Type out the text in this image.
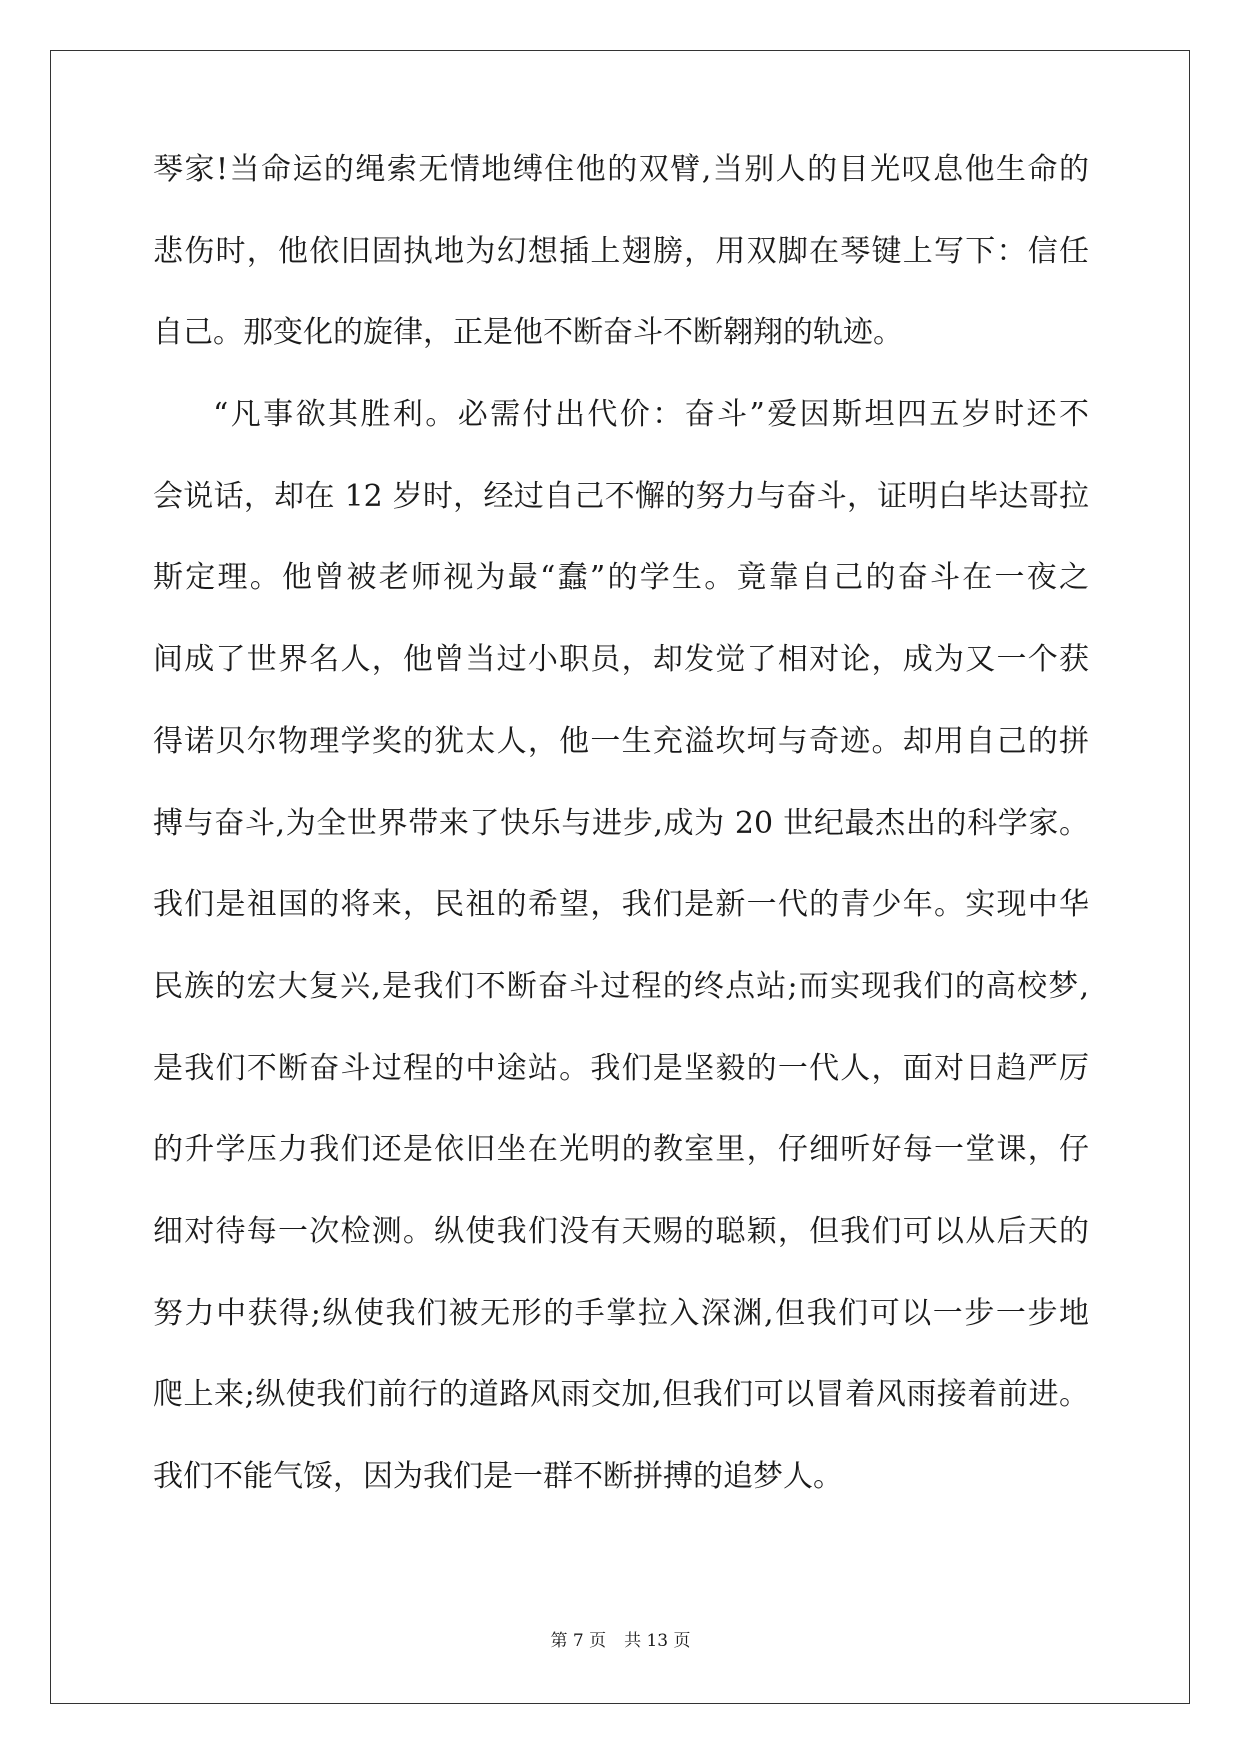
琴家!当命运的绳索无情地缚住他的双臂,当别人的目光叹息他生命的
悲伤时，他依旧固执地为幻想插上翅膀，用双脚在琴键上写下：信任
自己。那变化的旋律，正是他不断奋斗不断翱翔的轨迹。
“凡事欲其胜利。必需付出代价：奋斗”爱因斯坦四五岁时还不
会说话，却在 12 岁时，经过自己不懈的努力与奋斗，证明白毕达哥拉
斯定理。他曾被老师视为最“蠢”的学生。竟靠自己的奋斗在一夜之
间成了世界名人，他曾当过小职员，却发觉了相对论，成为又一个获
得诺贝尔物理学奖的犹太人，他一生充溢坎坷与奇迹。却用自己的拼
搏与奋斗,为全世界带来了快乐与进步,成为 20 世纪最杰出的科学家。
我们是祖国的将来，民祖的希望，我们是新一代的青少年。实现中华
民族的宏大复兴,是我们不断奋斗过程的终点站;而实现我们的高校梦,
是我们不断奋斗过程的中途站。我们是坚毅的一代人，面对日趋严厉
的升学压力我们还是依旧坐在光明的教室里，仔细听好每一堂课，仔
细对待每一次检测。纵使我们没有天赐的聪颖，但我们可以从后天的
努力中获得;纵使我们被无形的手掌拉入深渊,但我们可以一步一步地
爬上来;纵使我们前行的道路风雨交加,但我们可以冒着风雨接着前进。
我们不能气馁，因为我们是一群不断拼搏的追梦人。
第 7 页 共 13 页
